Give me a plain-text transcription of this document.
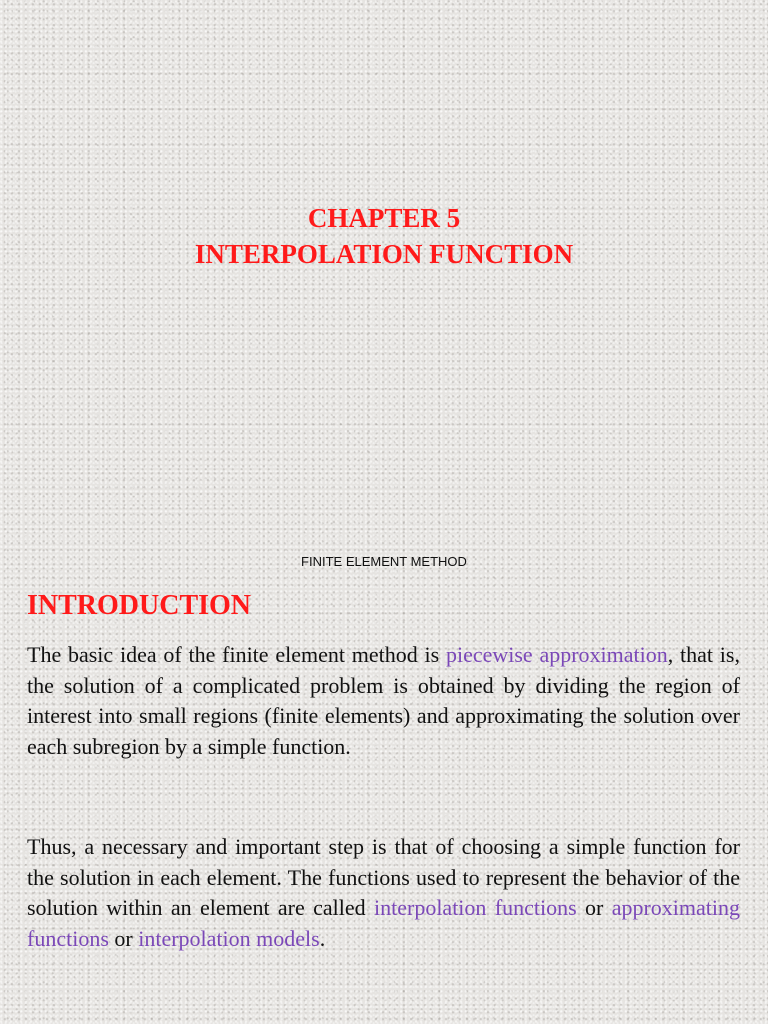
CHAPTER 5
INTERPOLATION FUNCTION
FINITE ELEMENT METHOD
INTRODUCTION
The basic idea of the finite element method is piecewise approximation, that is, the solution of a complicated problem is obtained by dividing the region of interest into small regions (finite elements) and approximating the solution over each subregion by a simple function.
Thus, a necessary and important step is that of choosing a simple function for the solution in each element. The functions used to represent the behavior of the solution within an element are called interpolation functions or approximating functions or interpolation models.
